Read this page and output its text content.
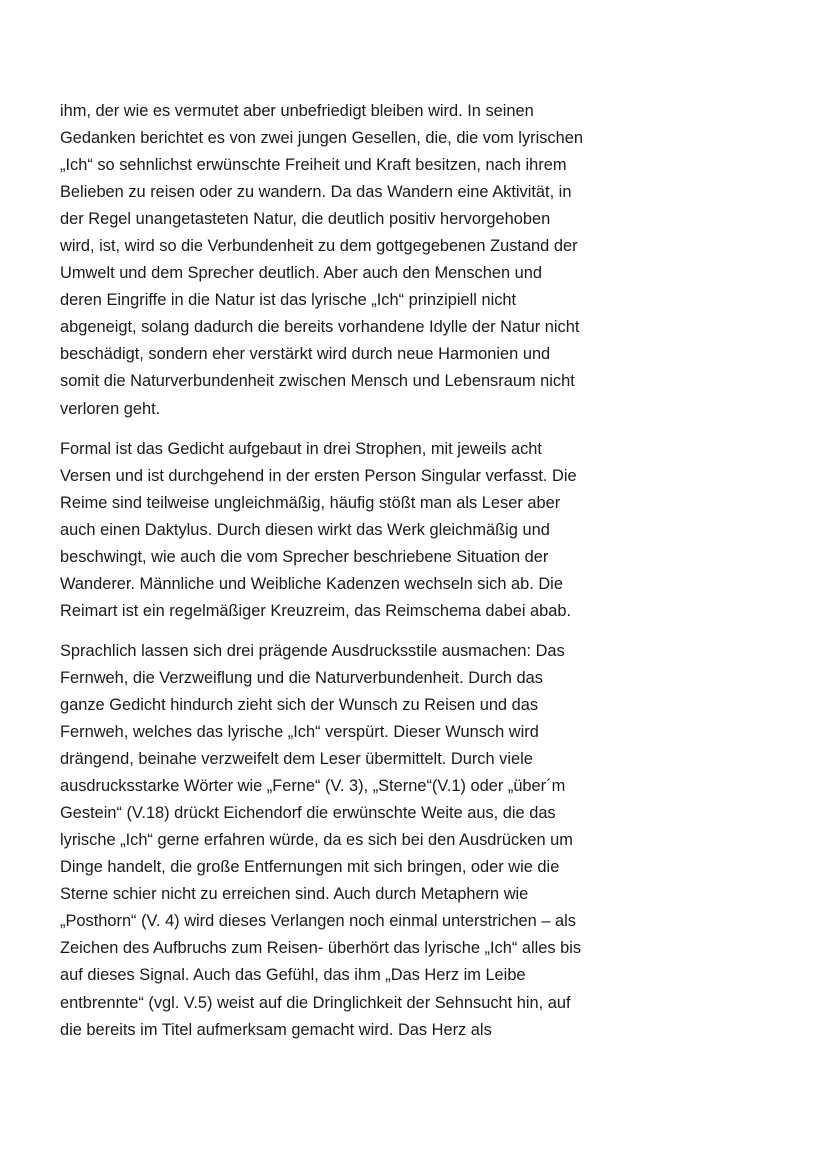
ihm, der wie es vermutet aber unbefriedigt bleiben wird. In seinen
Gedanken berichtet es von zwei jungen Gesellen, die, die vom lyrischen
„Ich“ so sehnlichst erwünschte Freiheit und Kraft besitzen, nach ihrem
Belieben zu reisen oder zu wandern. Da das Wandern eine Aktivität, in
der Regel unangetasteten Natur, die deutlich positiv hervorgehoben
wird, ist, wird so die Verbundenheit zu dem gottgegebenen Zustand der
Umwelt und dem Sprecher deutlich. Aber auch den Menschen und
deren Eingriffe in die Natur ist das lyrische „Ich“ prinzipiell nicht
abgeneigt, solang dadurch die bereits vorhandene Idylle der Natur nicht
beschädigt, sondern eher verstärkt wird durch neue Harmonien und
somit die Naturverbundenheit zwischen Mensch und Lebensraum nicht
verloren geht.

Formal ist das Gedicht aufgebaut in drei Strophen, mit jeweils acht
Versen und ist durchgehend in der ersten Person Singular verfasst. Die
Reime sind teilweise ungleichmäßig, häufig stößt man als Leser aber
auch einen Daktylus. Durch diesen wirkt das Werk gleichmäßig und
beschwingt, wie auch die vom Sprecher beschriebene Situation der
Wanderer. Männliche und Weibliche Kadenzen wechseln sich ab. Die
Reimart ist ein regelmäßiger Kreuzreim, das Reimschema dabei abab.

Sprachlich lassen sich drei prägende Ausdrucksstile ausmachen: Das
Fernweh, die Verzweiflung und die Naturverbundenheit. Durch das
ganze Gedicht hindurch zieht sich der Wunsch zu Reisen und das
Fernweh, welches das lyrische „Ich“ verspürt. Dieser Wunsch wird
drängend, beinahe verzweifelt dem Leser übermittelt. Durch viele
ausdrucksstarke Wörter wie „Ferne“ (V. 3), „Sterne“(V.1) oder „über´m
Gestein“ (V.18) drückt Eichendorf die erwünschte Weite aus, die das
lyrische „Ich“ gerne erfahren würde, da es sich bei den Ausdrücken um
Dinge handelt, die große Entfernungen mit sich bringen, oder wie die
Sterne schier nicht zu erreichen sind. Auch durch Metaphern wie
„Posthorn“ (V. 4) wird dieses Verlangen noch einmal unterstrichen – als
Zeichen des Aufbruchs zum Reisen- überhört das lyrische „Ich“ alles bis
auf dieses Signal. Auch das Gefühl, das ihm „Das Herz im Leibe
entbrennte“ (vgl. V.5) weist auf die Dringlichkeit der Sehnsucht hin, auf
die bereits im Titel aufmerksam gemacht wird. Das Herz als
